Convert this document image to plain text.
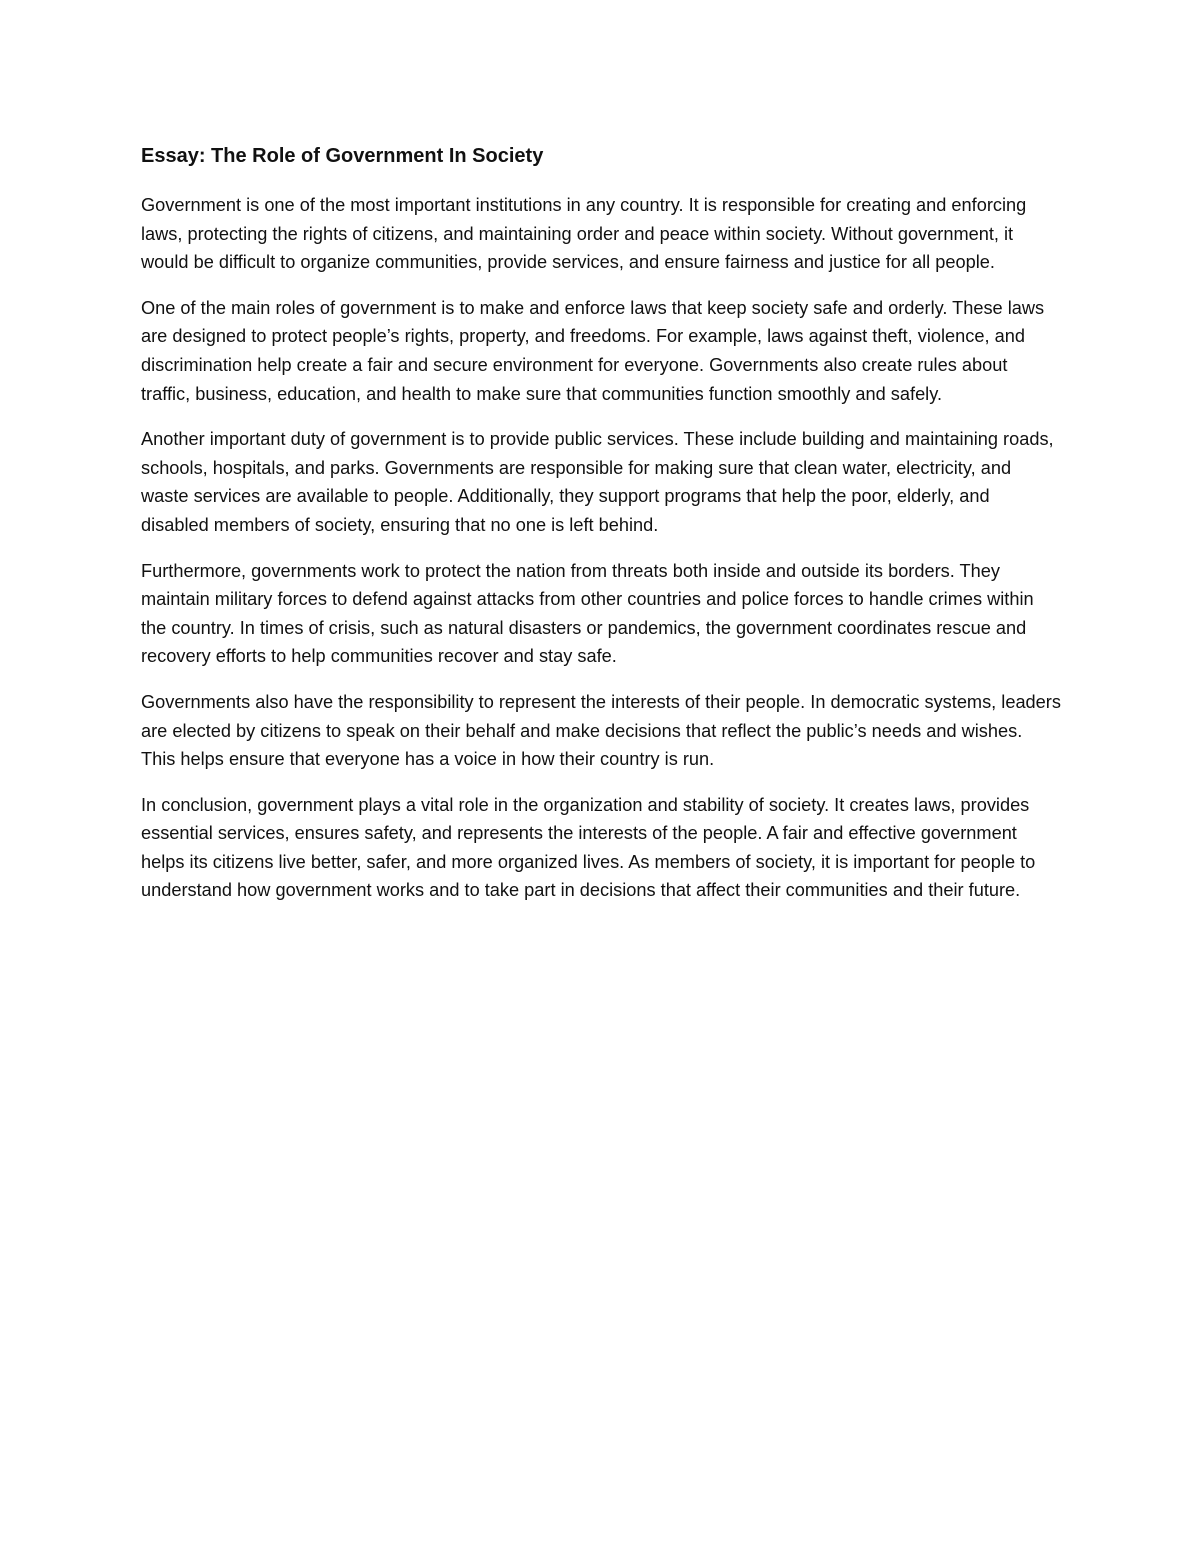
Essay: The Role of Government In Society

Government is one of the most important institutions in any country. It is responsible for creating and enforcing laws, protecting the rights of citizens, and maintaining order and peace within society. Without government, it would be difficult to organize communities, provide services, and ensure fairness and justice for all people.

One of the main roles of government is to make and enforce laws that keep society safe and orderly. These laws are designed to protect people’s rights, property, and freedoms. For example, laws against theft, violence, and discrimination help create a fair and secure environment for everyone. Governments also create rules about traffic, business, education, and health to make sure that communities function smoothly and safely.

Another important duty of government is to provide public services. These include building and maintaining roads, schools, hospitals, and parks. Governments are responsible for making sure that clean water, electricity, and waste services are available to people. Additionally, they support programs that help the poor, elderly, and disabled members of society, ensuring that no one is left behind.

Furthermore, governments work to protect the nation from threats both inside and outside its borders. They maintain military forces to defend against attacks from other countries and police forces to handle crimes within the country. In times of crisis, such as natural disasters or pandemics, the government coordinates rescue and recovery efforts to help communities recover and stay safe.

Governments also have the responsibility to represent the interests of their people. In democratic systems, leaders are elected by citizens to speak on their behalf and make decisions that reflect the public’s needs and wishes. This helps ensure that everyone has a voice in how their country is run.

In conclusion, government plays a vital role in the organization and stability of society. It creates laws, provides essential services, ensures safety, and represents the interests of the people. A fair and effective government helps its citizens live better, safer, and more organized lives. As members of society, it is important for people to understand how government works and to take part in decisions that affect their communities and their future.
